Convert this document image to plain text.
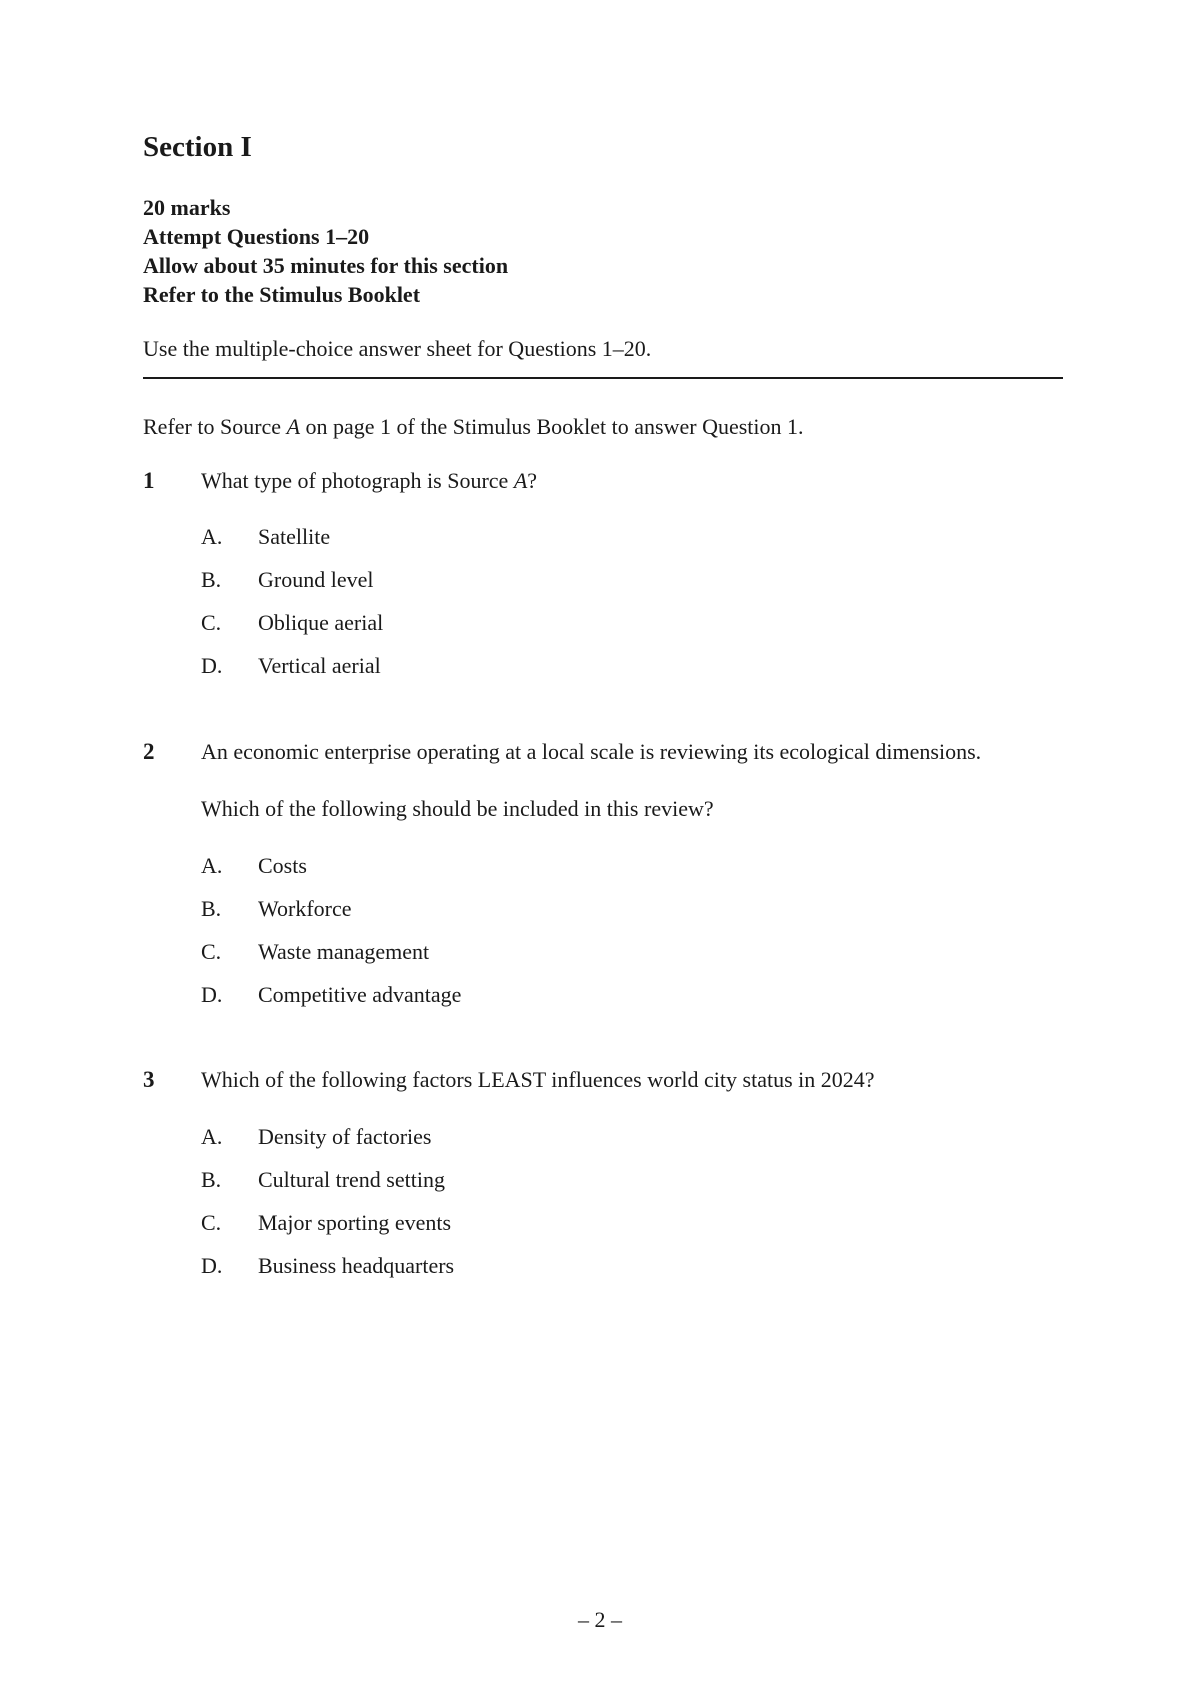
Section I
20 marks
Attempt Questions 1–20
Allow about 35 minutes for this section
Refer to the Stimulus Booklet
Use the multiple-choice answer sheet for Questions 1–20.
Refer to Source A on page 1 of the Stimulus Booklet to answer Question 1.
1 What type of photograph is Source A?
A. Satellite
B. Ground level
C. Oblique aerial
D. Vertical aerial
2 An economic enterprise operating at a local scale is reviewing its ecological dimensions.
Which of the following should be included in this review?
A. Costs
B. Workforce
C. Waste management
D. Competitive advantage
3 Which of the following factors LEAST influences world city status in 2024?
A. Density of factories
B. Cultural trend setting
C. Major sporting events
D. Business headquarters
– 2 –
